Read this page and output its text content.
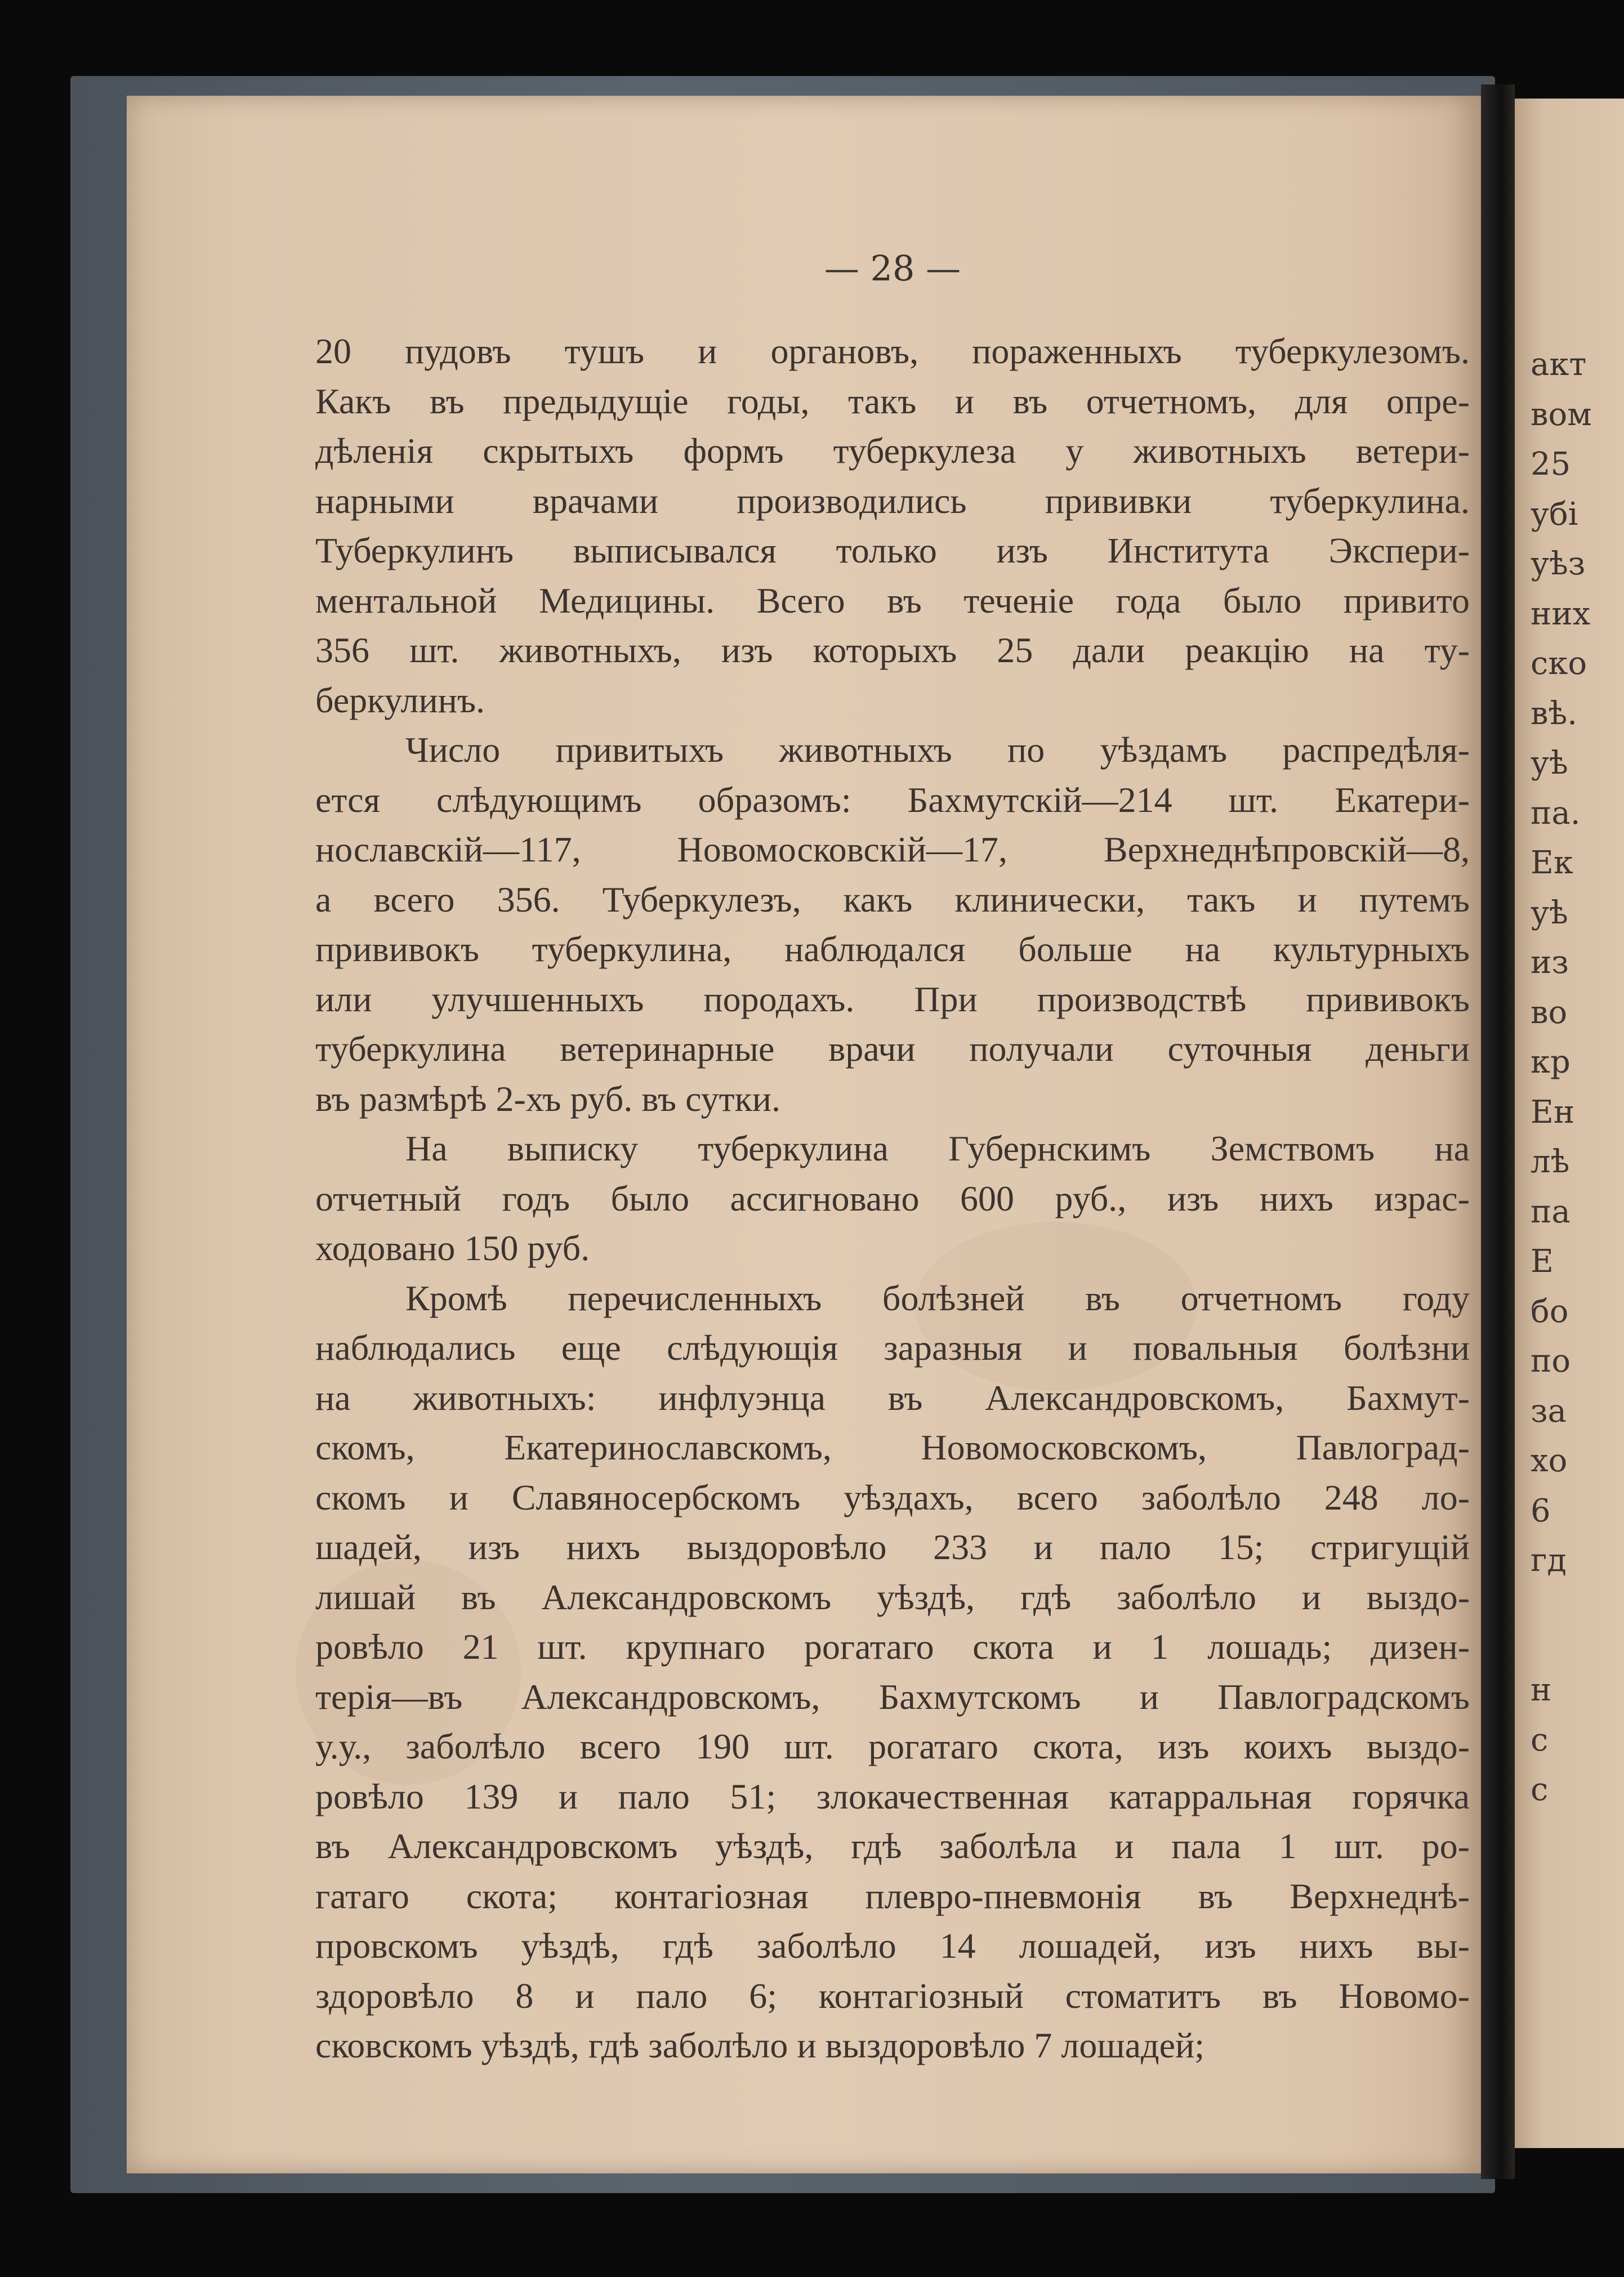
акт
вом
25
убі
уѣз
них
ско
вѣ.
уѣ
па.
Ек
уѣ
из
во
кр
Ен
лѣ
па
Е
бо
по
за
хо
6
гд
н
с
с
— 28 —
20 пудовъ тушъ и органовъ, пораженныхъ туберкулезомъ.
Какъ въ предыдущіе годы, такъ и въ отчетномъ, для опре-
дѣленія скрытыхъ формъ туберкулеза у животныхъ ветери-
нарными врачами производились прививки туберкулина.
Туберкулинъ выписывался только изъ Института Экспери-
ментальной Медицины. Всего въ теченіе года было привито
356 шт. животныхъ, изъ которыхъ 25 дали реакцію на ту-
беркулинъ.
Число привитыхъ животныхъ по уѣздамъ распредѣля-
ется слѣдующимъ образомъ: Бахмутскій—214 шт. Екатери-
нославскій—117, Новомосковскій—17, Верхнеднѣпровскій—8,
а всего 356. Туберкулезъ, какъ клинически, такъ и путемъ
прививокъ туберкулина, наблюдался больше на культурныхъ
или улучшенныхъ породахъ. При производствѣ прививокъ
туберкулина ветеринарные врачи получали суточныя деньги
въ размѣрѣ 2-хъ руб. въ сутки.
На выписку туберкулина Губернскимъ Земствомъ на
отчетный годъ было ассигновано 600 руб., изъ нихъ израс-
ходовано 150 руб.
Кромѣ перечисленныхъ болѣзней въ отчетномъ году
наблюдались еще слѣдующія заразныя и повальныя болѣзни
на животныхъ: инфлуэнца въ Александровскомъ, Бахмут-
скомъ, Екатеринославскомъ, Новомосковскомъ, Павлоград-
скомъ и Славяносербскомъ уѣздахъ, всего заболѣло 248 ло-
шадей, изъ нихъ выздоровѣло 233 и пало 15; стригущій
лишай въ Александровскомъ уѣздѣ, гдѣ заболѣло и выздо-
ровѣло 21 шт. крупнаго рогатаго скота и 1 лошадь; дизен-
терія—въ Александровскомъ, Бахмутскомъ и Павлоградскомъ
у.у., заболѣло всего 190 шт. рогатаго скота, изъ коихъ выздо-
ровѣло 139 и пало 51; злокачественная катарральная горячка
въ Александровскомъ уѣздѣ, гдѣ заболѣла и пала 1 шт. ро-
гатаго скота; контагіозная плевро-пневмонія въ Верхнеднѣ-
провскомъ уѣздѣ, гдѣ заболѣло 14 лошадей, изъ нихъ вы-
здоровѣло 8 и пало 6; контагіозный стоматитъ въ Новомо-
сковскомъ уѣздѣ, гдѣ заболѣло и выздоровѣло 7 лошадей;
